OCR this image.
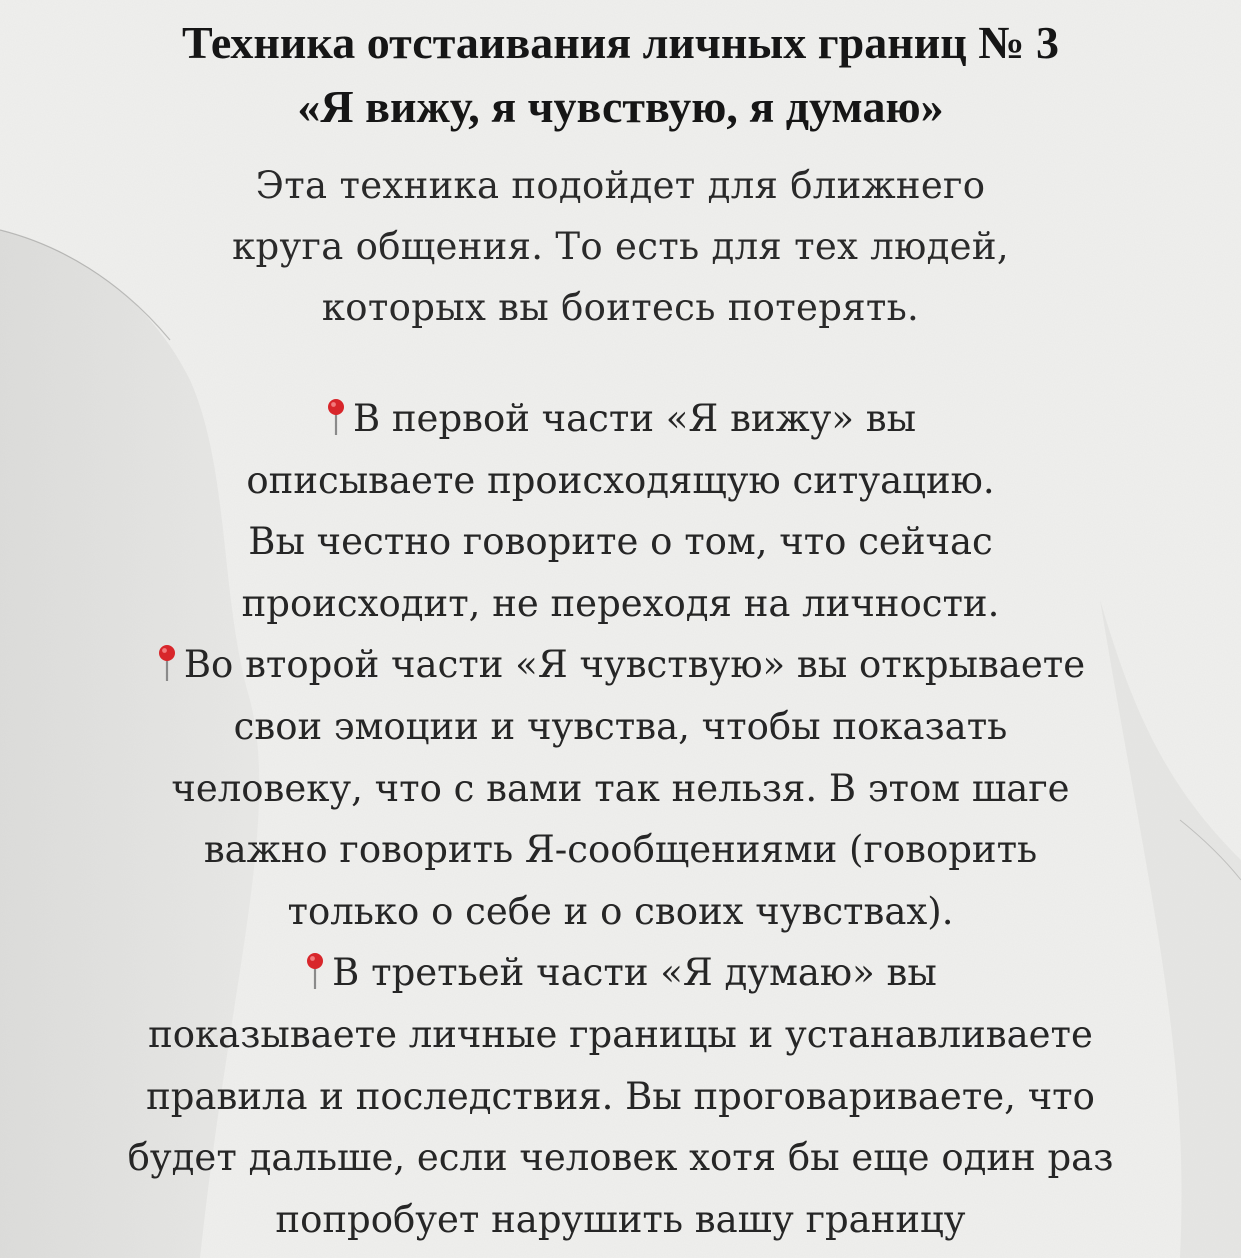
Техника отстаивания личных границ № 3
«Я вижу, я чувствую, я думаю»
Эта техника подойдет для ближнего
круга общения. То есть для тех людей,
которых вы боитесь потерять.
В первой части «Я вижу» вы
описываете происходящую ситуацию.
Вы честно говорите о том, что сейчас
происходит, не переходя на личности.
Во второй части «Я чувствую» вы открываете
свои эмоции и чувства, чтобы показать
человеку, что с вами так нельзя. В этом шаге
важно говорить Я-сообщениями (говорить
только о себе и о своих чувствах).
В третьей части «Я думаю» вы
показываете личные границы и устанавливаете
правила и последствия. Вы проговариваете, что
будет дальше, если человек хотя бы еще один раз
попробует нарушить вашу границу
